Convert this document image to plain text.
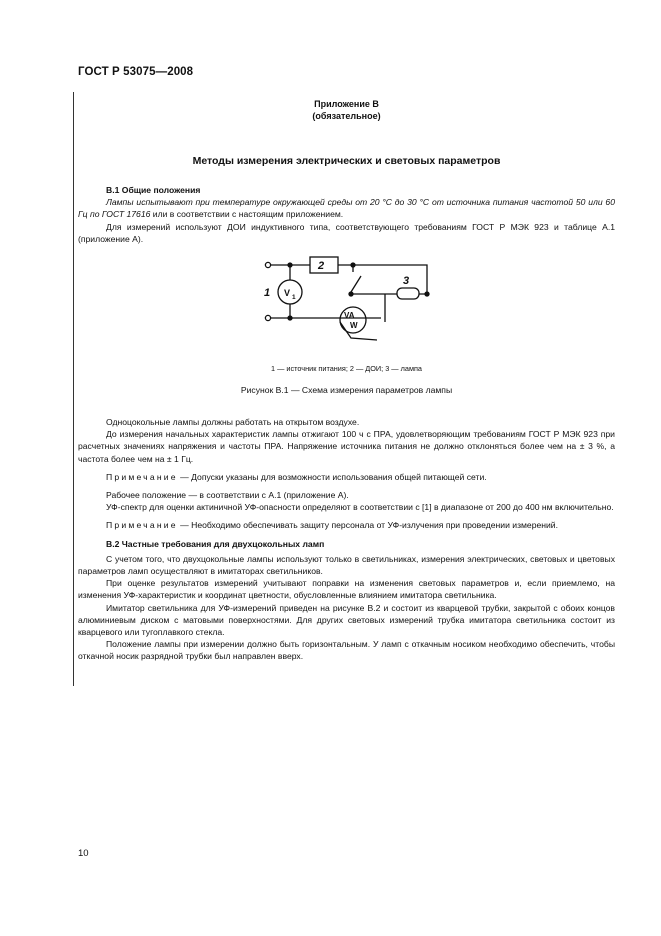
ГОСТ Р 53075—2008
Приложение В
(обязательное)
Методы измерения электрических и световых параметров

В.1 Общие положения

Лампы испытывают при температуре окружающей среды от 20 °С до 30 °С от источника питания частотой 50 или 60 Гц по ГОСТ 17616 или в соответствии с настоящим приложением.

Для измерений используют ДОИ индуктивного типа, соответствующего требованиям ГОСТ Р МЭК 923 и таблице А.1 (приложение А).

2
3
1 V 1
VA
W
1 — источник питания; 2 — ДОИ; 3 — лампа
Рисунок В.1 — Схема измерения параметров лампы

Одноцокольные лампы должны работать на открытом воздухе.

До измерения начальных характеристик лампы отжигают 100 ч с ПРА, удовлетворяющим требованиям ГОСТ Р МЭК 923 при расчетных значениях напряжения и частоты ПРА. Напряжение источника питания не должно отклоняться более чем на ± 3 %, а частота более чем на ± 1 Гц.

Примечание — Допуски указаны для возможности использования общей питающей сети.

Рабочее положение — в соответствии с А.1 (приложение А).

УФ-спектр для оценки актиничной УФ-опасности определяют в соответствии с [1] в диапазоне от 200 до 400 нм включительно.

Примечание — Необходимо обеспечивать защиту персонала от УФ-излучения при проведении измерений.

В.2 Частные требования для двухцокольных ламп

С учетом того, что двухцокольные лампы используют только в светильниках, измерения электрических, световых и цветовых параметров ламп осуществляют в имитаторах светильников.

При оценке результатов измерений учитывают поправки на изменения световых параметров и, если приемлемо, на изменения УФ-характеристик и координат цветности, обусловленные влиянием имитатора светильника.

Имитатор светильника для УФ-измерений приведен на рисунке В.2 и состоит из кварцевой трубки, закрытой с обоих концов алюминиевым диском с матовыми поверхностями. Для других световых измерений трубка имитатора светильника состоит из кварцевого или тугоплавкого стекла.

Положение лампы при измерении должно быть горизонтальным. У ламп с откачным носиком необходимо обеспечить, чтобы откачной носик разрядной трубки был направлен вверх.

10
